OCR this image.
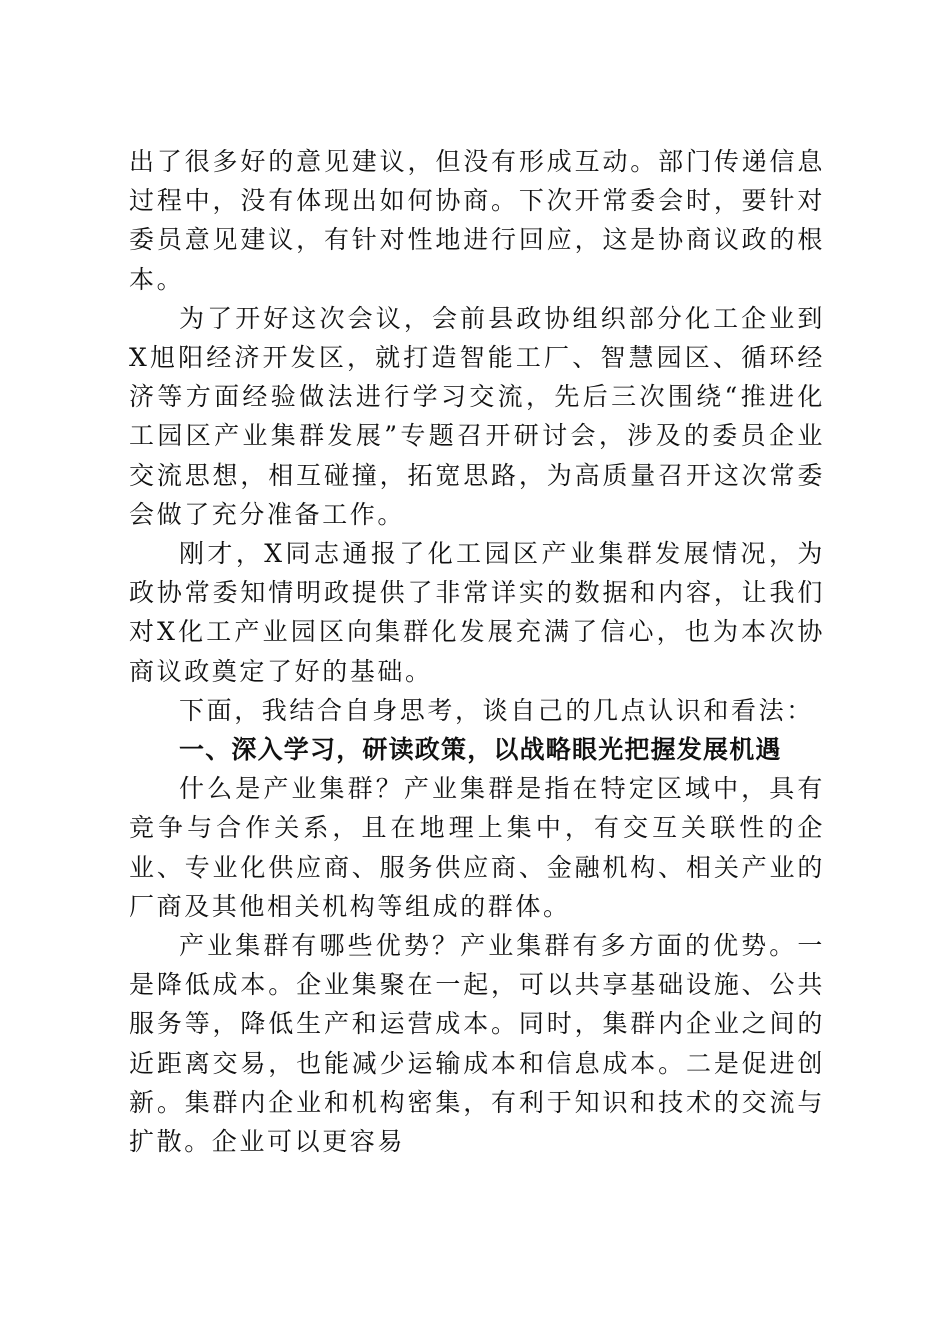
出了很多好的意见建议，但没有形成互动。部门传递信息过程中，没有体现出如何协商。下次开常委会时，要针对委员意见建议，有针对性地进行回应，这是协商议政的根本。

为了开好这次会议，会前县政协组织部分化工企业到X旭阳经济开发区，就打造智能工厂、智慧园区、循环经济等方面经验做法进行学习交流，先后三次围绕“推进化工园区产业集群发展”专题召开研讨会，涉及的委员企业交流思想，相互碰撞，拓宽思路，为高质量召开这次常委会做了充分准备工作。

刚才，X同志通报了化工园区产业集群发展情况，为政协常委知情明政提供了非常详实的数据和内容，让我们对X化工产业园区向集群化发展充满了信心，也为本次协商议政奠定了好的基础。

下面，我结合自身思考，谈自己的几点认识和看法：

一、深入学习，研读政策，以战略眼光把握发展机遇

什么是产业集群？产业集群是指在特定区域中，具有竞争与合作关系，且在地理上集中，有交互关联性的企业、专业化供应商、服务供应商、金融机构、相关产业的厂商及其他相关机构等组成的群体。

产业集群有哪些优势？产业集群有多方面的优势。一是降低成本。企业集聚在一起，可以共享基础设施、公共服务等，降低生产和运营成本。同时，集群内企业之间的近距离交易，也能减少运输成本和信息成本。二是促进创新。集群内企业和机构密集，有利于知识和技术的交流与扩散。企业可以更容易
